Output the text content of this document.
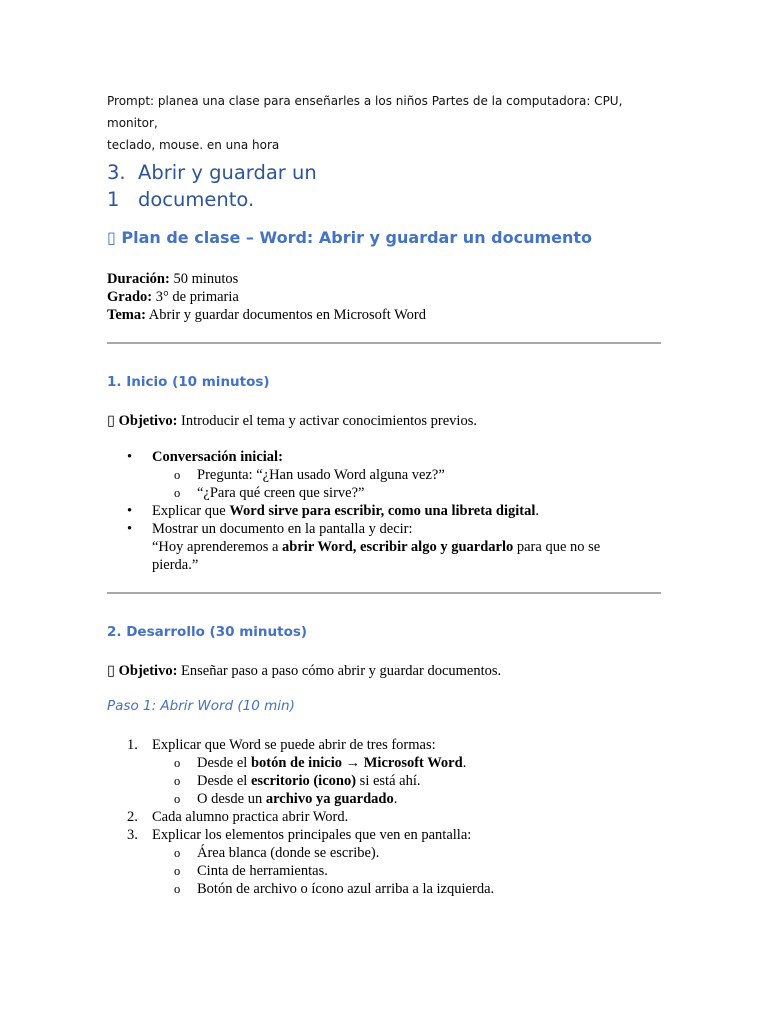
Prompt: planea una clase para enseñarles a los niños Partes de la computadora: CPU, monitor,
teclado, mouse. en una hora
3. Abrir y guardar un
1 documento.
▯ Plan de clase – Word: Abrir y guardar un documento
Duración: 50 minutos
Grado: 3° de primaria
Tema: Abrir y guardar documentos en Microsoft Word
1. Inicio (10 minutos)
▯ Objetivo: Introducir el tema y activar conocimientos previos.
• Conversación inicial:
o Pregunta: “¿Han usado Word alguna vez?”
o “¿Para qué creen que sirve?”
• Explicar que Word sirve para escribir, como una libreta digital.
• Mostrar un documento en la pantalla y decir:
“Hoy aprenderemos a abrir Word, escribir algo y guardarlo para que no se
pierda.”
2. Desarrollo (30 minutos)
▯ Objetivo: Enseñar paso a paso cómo abrir y guardar documentos.
Paso 1: Abrir Word (10 min)
1. Explicar que Word se puede abrir de tres formas:
o Desde el botón de inicio → Microsoft Word.
o Desde el escritorio (icono) si está ahí.
o O desde un archivo ya guardado.
2. Cada alumno practica abrir Word.
3. Explicar los elementos principales que ven en pantalla:
o Área blanca (donde se escribe).
o Cinta de herramientas.
o Botón de archivo o ícono azul arriba a la izquierda.
